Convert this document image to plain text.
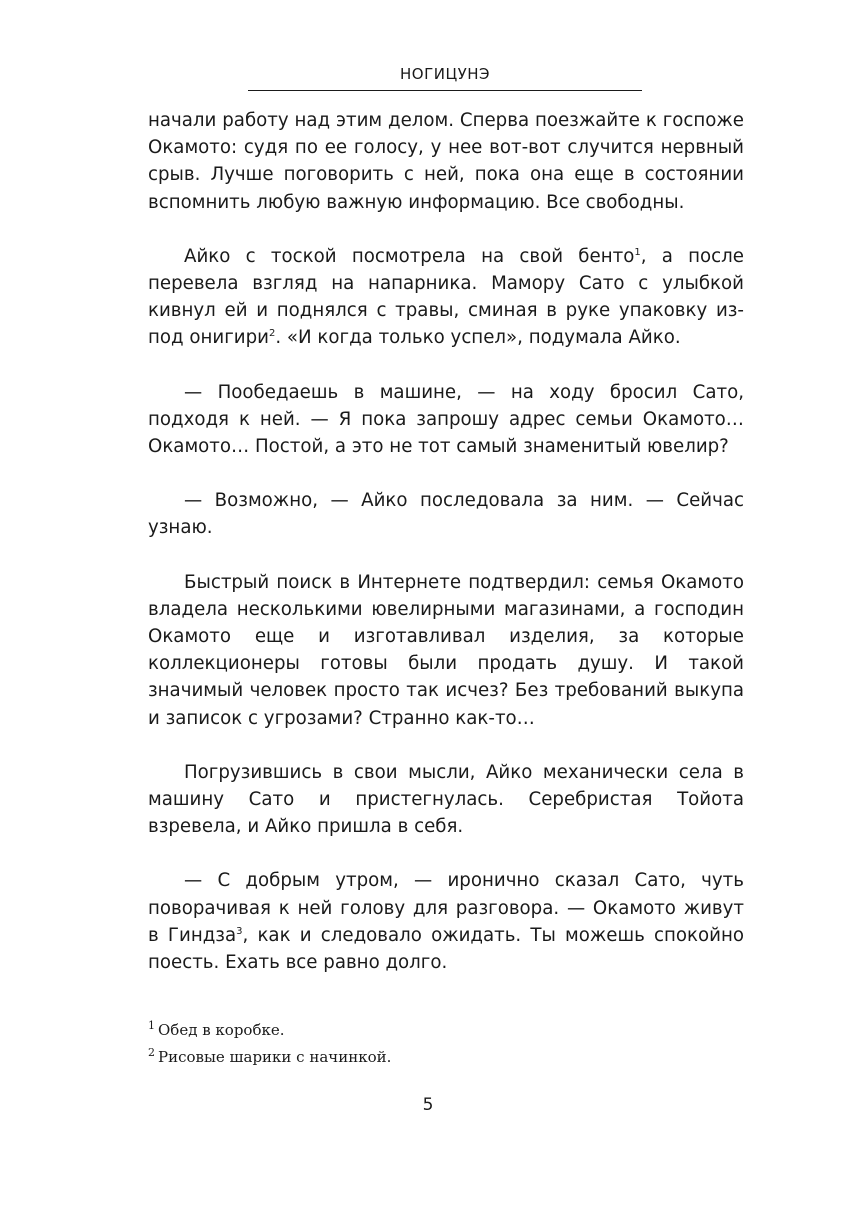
НОГИЦУНЭ

начали работу над этим делом. Сперва поезжайте к госпоже Окамото: судя по ее голосу, у нее вот-вот случится нервный срыв. Лучше поговорить с ней, пока она еще в состоянии вспомнить любую важную информацию. Все свободны.

Айко с тоской посмотрела на свой бенто$^1$, а после перевела взгляд на напарника. Мамору Сато с улыбкой кивнул ей и поднялся с травы, сминая в руке упаковку из-под онигири$^2$. «И когда только успел», подумала Айко.

— Пообедаешь в машине, — на ходу бросил Сато, подходя к ней. — Я пока запрошу адрес семьи Окамото… Окамото… Постой, а это не тот самый знаменитый ювелир?

— Возможно, — Айко последовала за ним. — Сейчас узнаю.

Быстрый поиск в Интернете подтвердил: семья Окамото владела несколькими ювелирными магазинами, а господин Окамото еще и изготавливал изделия, за которые коллекционеры готовы были продать душу. И такой значимый человек просто так исчез? Без требований выкупа и записок с угрозами? Странно как-то…

Погрузившись в свои мысли, Айко механически села в машину Сато и пристегнулась. Серебристая Тойота взревела, и Айко пришла в себя.

— С добрым утром, — иронично сказал Сато, чуть поворачивая к ней голову для разговора. — Окамото живут в Гиндза$^3$, как и следовало ожидать. Ты можешь спокойно поесть. Ехать все равно долго.

$^1$ Обед в коробке.
$^2$ Рисовые шарики с начинкой.
5
